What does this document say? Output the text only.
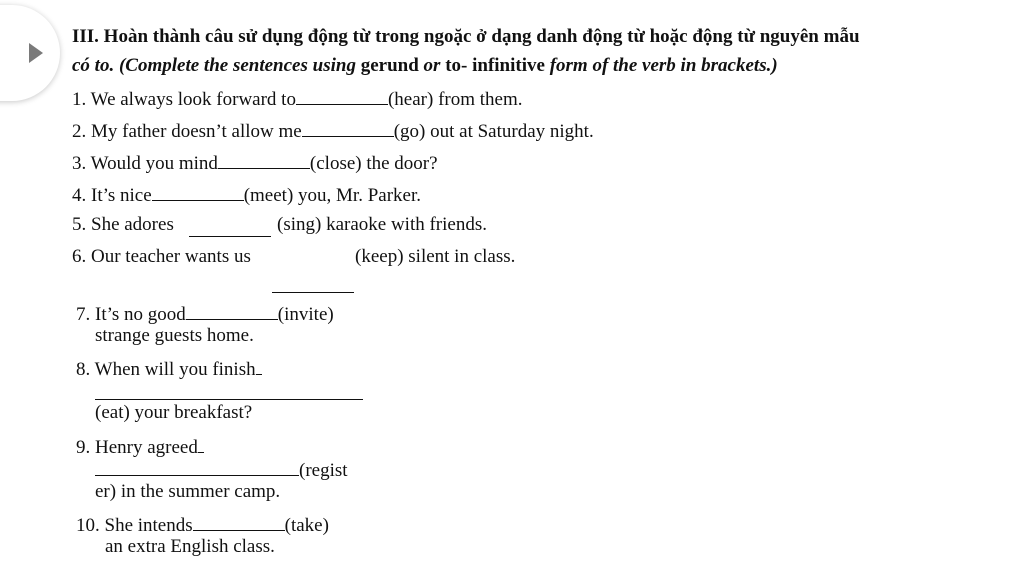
III. Hoàn thành câu sử dụng động từ trong ngoặc ở dạng danh động từ hoặc động từ nguyên mẫu
có to. (Complete the sentences using gerund or to- infinitive form of the verb in brackets.)
1. We always look forward to	(hear) from them.
2. My father doesn’t allow me	(go) out at Saturday night.
3. Would you mind	(close) the door?
4. It’s nice	(meet) you, Mr. Parker.
5. She adores	(sing) karaoke with friends.
6. Our teacher wants us	(keep) silent in class.
7. It’s no good	(invite)
strange guests home.
8. When will you finish
(eat) your breakfast?
9. Henry agreed
(regist
er) in the summer camp.
10. She intends	(take)
an extra English class.
